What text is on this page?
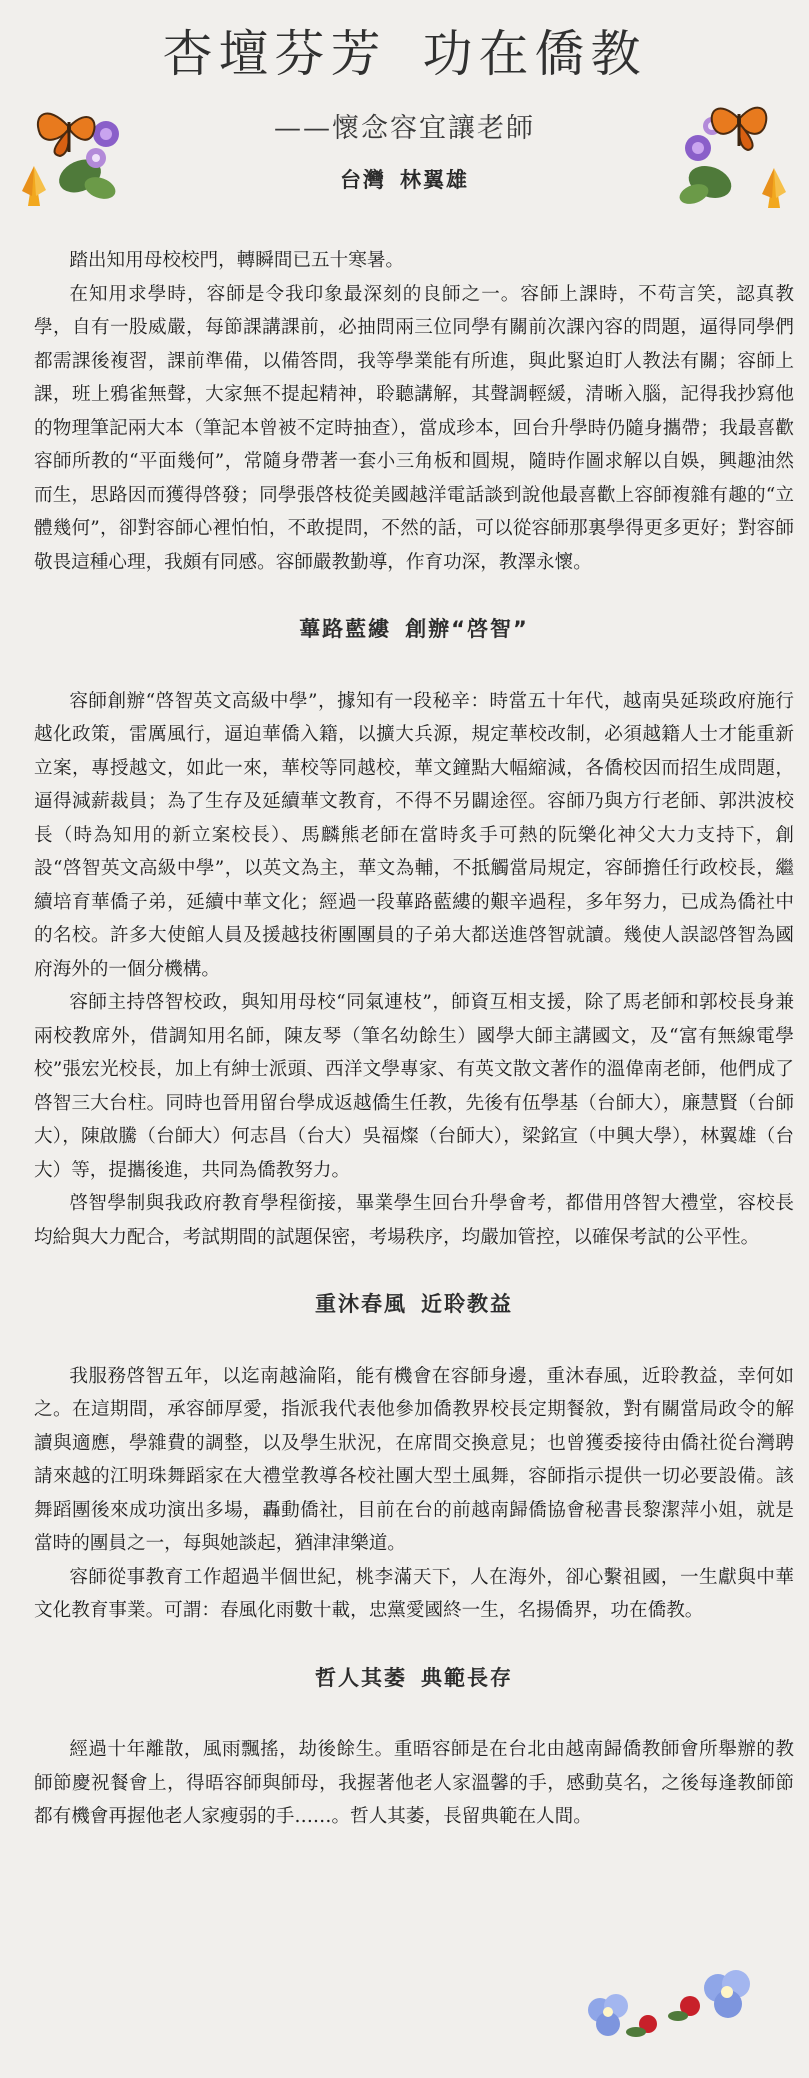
杏壇芬芳 功在僑教
——懷念容宜讓老師
台灣 林翼雄

踏出知用母校校門，轉瞬間已五十寒暑。

在知用求學時，容師是令我印象最深刻的良師之一。容師上課時，不苟言笑，認真教學，自有一股威嚴，每節課講課前，必抽問兩三位同學有關前次課內容的問題，逼得同學們都需課後複習，課前準備，以備答問，我等學業能有所進，與此緊迫盯人教法有關；容師上課，班上鴉雀無聲，大家無不提起精神，聆聽講解，其聲調輕緩，清晰入腦，記得我抄寫他的物理筆記兩大本（筆記本曾被不定時抽查），當成珍本，回台升學時仍隨身攜帶；我最喜歡容師所教的“平面幾何”，常隨身帶著一套小三角板和圓規，隨時作圖求解以自娛，興趣油然而生，思路因而獲得啓發；同學張啓枝從美國越洋電話談到說他最喜歡上容師複雜有趣的“立體幾何”，卻對容師心裡怕怕，不敢提問，不然的話，可以從容師那裏學得更多更好；對容師敬畏這種心理，我頗有同感。容師嚴教勤導，作育功深，教澤永懷。

蓽路藍縷 創辦“啓智”

容師創辦“啓智英文高級中學”，據知有一段秘辛：時當五十年代，越南吳延琰政府施行越化政策，雷厲風行，逼迫華僑入籍，以擴大兵源，規定華校改制，必須越籍人士才能重新立案，專授越文，如此一來，華校等同越校，華文鐘點大幅縮減，各僑校因而招生成問題，逼得減薪裁員；為了生存及延續華文教育，不得不另闢途徑。容師乃與方行老師、郭洪波校長（時為知用的新立案校長）、馬麟熊老師在當時炙手可熱的阮樂化神父大力支持下，創設“啓智英文高級中學”，以英文為主，華文為輔，不抵觸當局規定，容師擔任行政校長，繼續培育華僑子弟，延續中華文化；經過一段蓽路藍縷的艱辛過程，多年努力，已成為僑社中的名校。許多大使館人員及援越技術團團員的子弟大都送進啓智就讀。幾使人誤認啓智為國府海外的一個分機構。

容師主持啓智校政，與知用母校“同氣連枝”，師資互相支援，除了馬老師和郭校長身兼兩校教席外，借調知用名師，陳友琴（筆名幼餘生）國學大師主講國文，及“富有無線電學校”張宏光校長，加上有紳士派頭、西洋文學專家、有英文散文著作的溫偉南老師，他們成了啓智三大台柱。同時也晉用留台學成返越僑生任教，先後有伍學基（台師大），廉慧賢（台師大），陳啟騰（台師大）何志昌（台大）吳福燦（台師大），梁銘宣（中興大學），林翼雄（台大）等，提攜後進，共同為僑教努力。

啓智學制與我政府教育學程銜接，畢業學生回台升學會考，都借用啓智大禮堂，容校長均給與大力配合，考試期間的試題保密，考場秩序，均嚴加管控，以確保考試的公平性。

重沐春風 近聆教益

我服務啓智五年，以迄南越淪陷，能有機會在容師身邊，重沐春風，近聆教益，幸何如之。在這期間，承容師厚愛，指派我代表他參加僑教界校長定期餐敘，對有關當局政令的解讀與適應，學雜費的調整，以及學生狀況，在席間交換意見；也曾獲委接待由僑社從台灣聘請來越的江明珠舞蹈家在大禮堂教導各校社團大型土風舞，容師指示提供一切必要設備。該舞蹈團後來成功演出多場，轟動僑社，目前在台的前越南歸僑協會秘書長黎潔萍小姐，就是當時的團員之一，每與她談起，猶津津樂道。

容師從事教育工作超過半個世紀，桃李滿天下，人在海外，卻心繫祖國，一生獻與中華文化教育事業。可謂：春風化雨數十載，忠黨愛國終一生，名揚僑界，功在僑教。

哲人其萎 典範長存

經過十年離散，風雨飄搖，劫後餘生。重晤容師是在台北由越南歸僑教師會所舉辦的教師節慶祝餐會上，得晤容師與師母，我握著他老人家溫馨的手，感動莫名，之後每逢教師節都有機會再握他老人家瘦弱的手……。哲人其萎，長留典範在人間。
